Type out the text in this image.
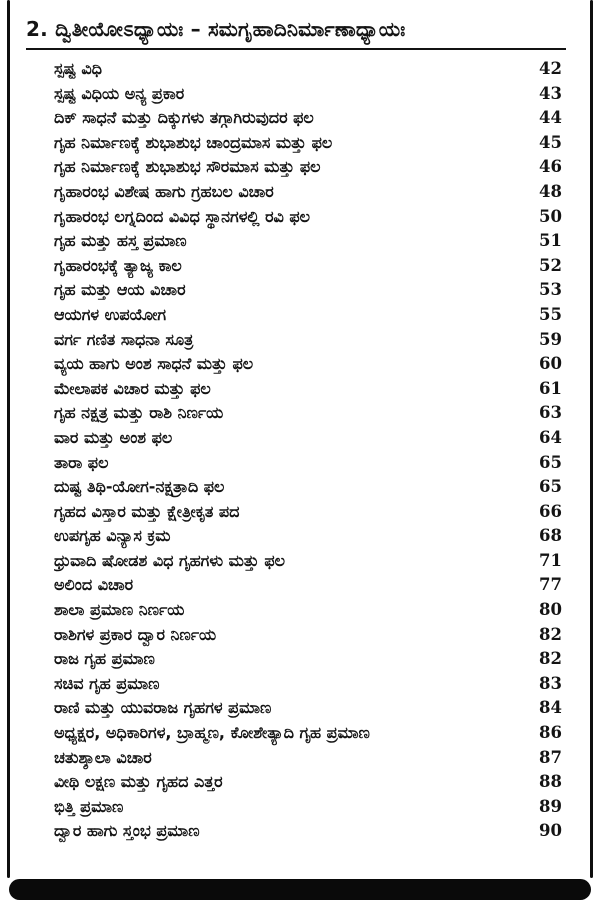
2. ದ್ವಿತೀಯೋಽಧ್ಯಾಯಃ – ಸಮಗೃಹಾದಿನಿರ್ಮಾಣಾಧ್ಯಾಯಃ
ಸ್ಪಷ್ಟ ವಿಧಿ	42
ಸ್ಪಷ್ಟ ವಿಧಿಯ ಅನ್ಯ ಪ್ರಕಾರ	43
ದಿಕ್ ಸಾಧನೆ ಮತ್ತು ದಿಕ್ಕುಗಳು ತಗ್ಗಾಗಿರುವುದರ ಫಲ	44
ಗೃಹ ನಿರ್ಮಾಣಕ್ಕೆ ಶುಭಾಶುಭ ಚಾಂದ್ರಮಾಸ ಮತ್ತು ಫಲ	45
ಗೃಹ ನಿರ್ಮಾಣಕ್ಕೆ ಶುಭಾಶುಭ ಸೌರಮಾಸ ಮತ್ತು ಫಲ	46
ಗೃಹಾರಂಭ ವಿಶೇಷ ಹಾಗು ಗ್ರಹಬಲ ವಿಚಾರ	48
ಗೃಹಾರಂಭ ಲಗ್ನದಿಂದ ವಿವಿಧ ಸ್ಥಾನಗಳಲ್ಲಿ ರವಿ ಫಲ	50
ಗೃಹ ಮತ್ತು ಹಸ್ತ ಪ್ರಮಾಣ	51
ಗೃಹಾರಂಭಕ್ಕೆ ತ್ಯಾಜ್ಯ ಕಾಲ	52
ಗೃಹ ಮತ್ತು ಆಯ ವಿಚಾರ	53
ಆಯಗಳ ಉಪಯೋಗ	55
ವರ್ಗ ಗಣಿತ ಸಾಧನಾ ಸೂತ್ರ	59
ವ್ಯಯ ಹಾಗು ಅಂಶ ಸಾಧನೆ ಮತ್ತು ಫಲ	60
ಮೇಲಾಪಕ ವಿಚಾರ ಮತ್ತು ಫಲ	61
ಗೃಹ ನಕ್ಷತ್ರ ಮತ್ತು ರಾಶಿ ನಿರ್ಣಯ	63
ವಾರ ಮತ್ತು ಅಂಶ ಫಲ	64
ತಾರಾ ಫಲ	65
ದುಷ್ಟ ತಿಥಿ-ಯೋಗ-ನಕ್ಷತ್ರಾದಿ ಫಲ	65
ಗೃಹದ ವಿಸ್ತಾರ ಮತ್ತು ಕ್ಷೇತ್ರೀಕೃತ ಪದ	66
ಉಪಗೃಹ ವಿನ್ಯಾಸ ಕ್ರಮ	68
ಧ್ರುವಾದಿ ಷೋಡಶ ವಿಧ ಗೃಹಗಳು ಮತ್ತು ಫಲ	71
ಅಲಿಂದ ವಿಚಾರ	77
ಶಾಲಾ ಪ್ರಮಾಣ ನಿರ್ಣಯ	80
ರಾಶಿಗಳ ಪ್ರಕಾರ ದ್ವಾರ ನಿರ್ಣಯ	82
ರಾಜ ಗೃಹ ಪ್ರಮಾಣ	82
ಸಚಿವ ಗೃಹ ಪ್ರಮಾಣ	83
ರಾಣಿ ಮತ್ತು ಯುವರಾಜ ಗೃಹಗಳ ಪ್ರಮಾಣ	84
ಅಧ್ಯಕ್ಷರ, ಅಧಿಕಾರಿಗಳ, ಬ್ರಾಹ್ಮಣ, ಕೋಶೇತ್ಯಾದಿ ಗೃಹ ಪ್ರಮಾಣ	86
ಚತುಶ್ಶಾಲಾ ವಿಚಾರ	87
ವೀಥಿ ಲಕ್ಷಣ ಮತ್ತು ಗೃಹದ ಎತ್ತರ	88
ಭಿತ್ತಿ ಪ್ರಮಾಣ	89
ದ್ವಾರ ಹಾಗು ಸ್ತಂಭ ಪ್ರಮಾಣ	90
